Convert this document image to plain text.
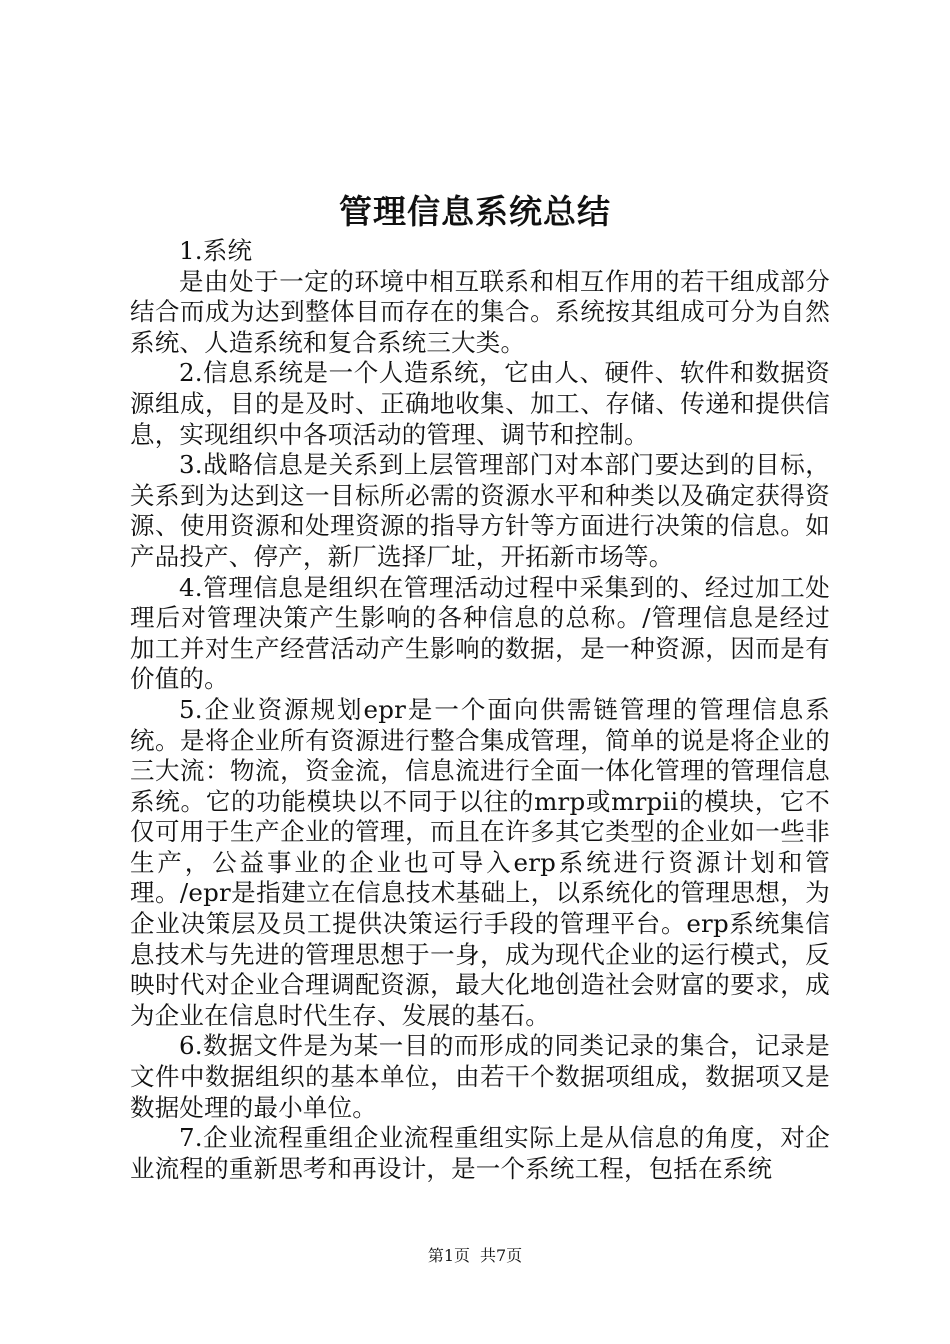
管理信息系统总结

1.系统

是由处于一定的环境中相互联系和相互作用的若干组成部分结合而成为达到整体目而存在的集合。系统按其组成可分为自然系统、人造系统和复合系统三大类。

2.信息系统是一个人造系统，它由人、硬件、软件和数据资源组成，目的是及时、正确地收集、加工、存储、传递和提供信息，实现组织中各项活动的管理、调节和控制。

3.战略信息是关系到上层管理部门对本部门要达到的目标，关系到为达到这一目标所必需的资源水平和种类以及确定获得资源、使用资源和处理资源的指导方针等方面进行决策的信息。如产品投产、停产，新厂选择厂址，开拓新市场等。

4.管理信息是组织在管理活动过程中采集到的、经过加工处理后对管理决策产生影响的各种信息的总称。/管理信息是经过加工并对生产经营活动产生影响的数据，是一种资源，因而是有价值的。

5.企业资源规划epr是一个面向供需链管理的管理信息系统。是将企业所有资源进行整合集成管理，简单的说是将企业的三大流：物流，资金流，信息流进行全面一体化管理的管理信息系统。它的功能模块以不同于以往的mrp或mrpii的模块，它不仅可用于生产企业的管理，而且在许多其它类型的企业如一些非生产，公益事业的企业也可导入erp系统进行资源计划和管理。/epr是指建立在信息技术基础上，以系统化的管理思想，为企业决策层及员工提供决策运行手段的管理平台。erp系统集信息技术与先进的管理思想于一身，成为现代企业的运行模式，反映时代对企业合理调配资源，最大化地创造社会财富的要求，成为企业在信息时代生存、发展的基石。

6.数据文件是为某一目的而形成的同类记录的集合，记录是文件中数据组织的基本单位，由若干个数据项组成，数据项又是数据处理的最小单位。

7.企业流程重组企业流程重组实际上是从信息的角度，对企业流程的重新思考和再设计，是一个系统工程，包括在系统

第1页 共7页
